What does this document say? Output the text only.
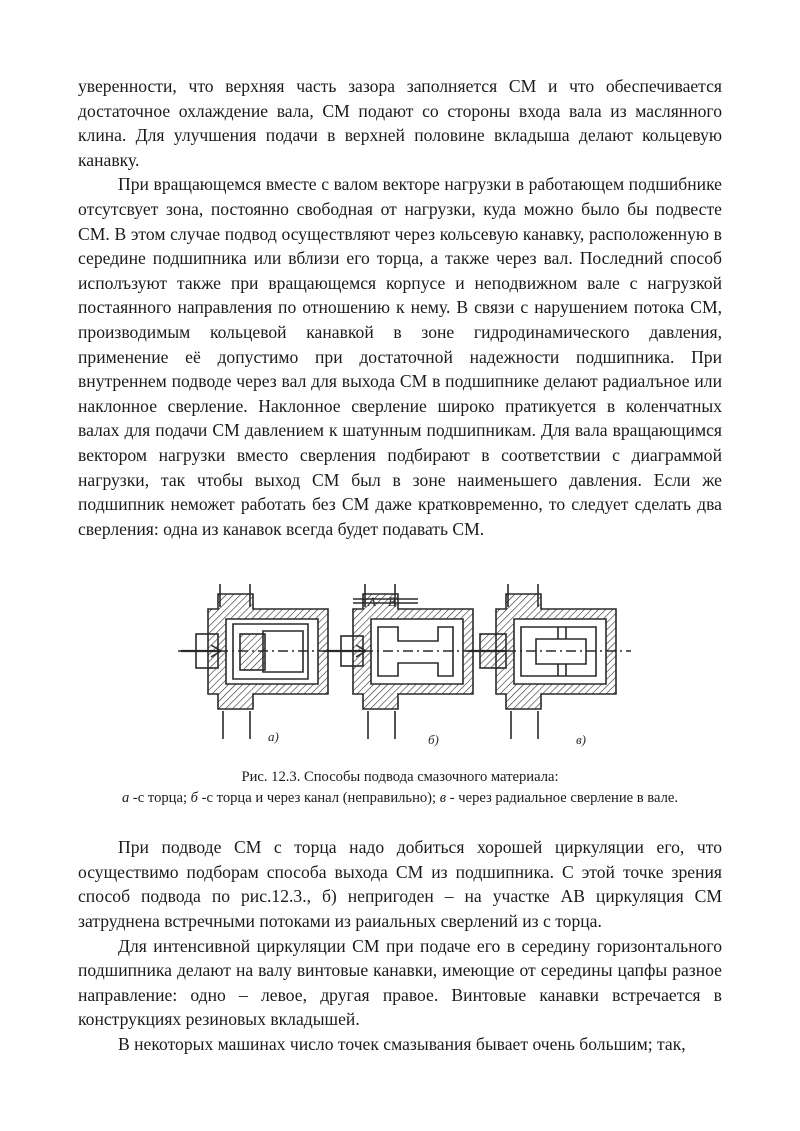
уверенности, что верхняя часть зазора заполняется СМ и что обеспечивается достаточное охлаждение вала, СМ подают со стороны входа вала из маслянного клина. Для улучшения подачи в верхней половине вкладыша делают кольцевую канавку.

При вращающемся вместе с валом векторе нагрузки в работающем подшибнике отсутсвует зона, постоянно свободная от нагрузки, куда можно было бы подвесте СМ. В этом случае подвод осуществляют через кольсевую канавку, расположенную в середине подшипника или вблизи его торца, а также через вал. Последний способ исполъзуют также при вращающемся корпусе и неподвижном вале с нагрузкой постаянного направления по отношению к нему. В связи с нарушением потока СМ, производимым кольцевой канавкой в зоне гидродинамического давления, применение её допустимо при достаточной надежности подшипника. При внутреннем подводе через вал для выхода СМ в подшипнике делают радиалъное или наклонное сверление. Наклонное сверление широко пратикуется в коленчатных валах для подачи СМ давлением к шатунным подшипникам. Для вала вращающимся вектором нагрузки вместо сверления подбирают в соответствии с диаграммой нагрузки, так чтобы выход СМ был в зоне наименьшего давления. Если же подшипник неможет работать без СМ даже кратковременно, то следует сделать два сверления: одна из канавок всегда будет подавать СМ.

А В
а)	б)	в)
Рис. 12.3. Способы подвода смазочного материала:
а -с торца; б -с торца и через канал (неправильно); в - через радиальное сверление в вале.

При подводе СМ с торца надо добиться хорошей циркуляции его, что осуществимо подборам способа выхода СМ из подшипника. С этой точке зрения способ подвода по рис.12.3., б) непригоден – на участке АВ циркуляция СМ затруднена встречными потоками из раиальных сверлений из с торца.

Для интенсивной циркуляции СМ при подаче его в середину горизонтального подшипника делают на валу винтовые канавки, имеющие от середины цапфы разное направление: одно – левое, другая правое. Винтовые канавки встречается в конструкциях резиновых вкладышей.

В некоторых машинах число точек смазывания бывает очень большим; так,
